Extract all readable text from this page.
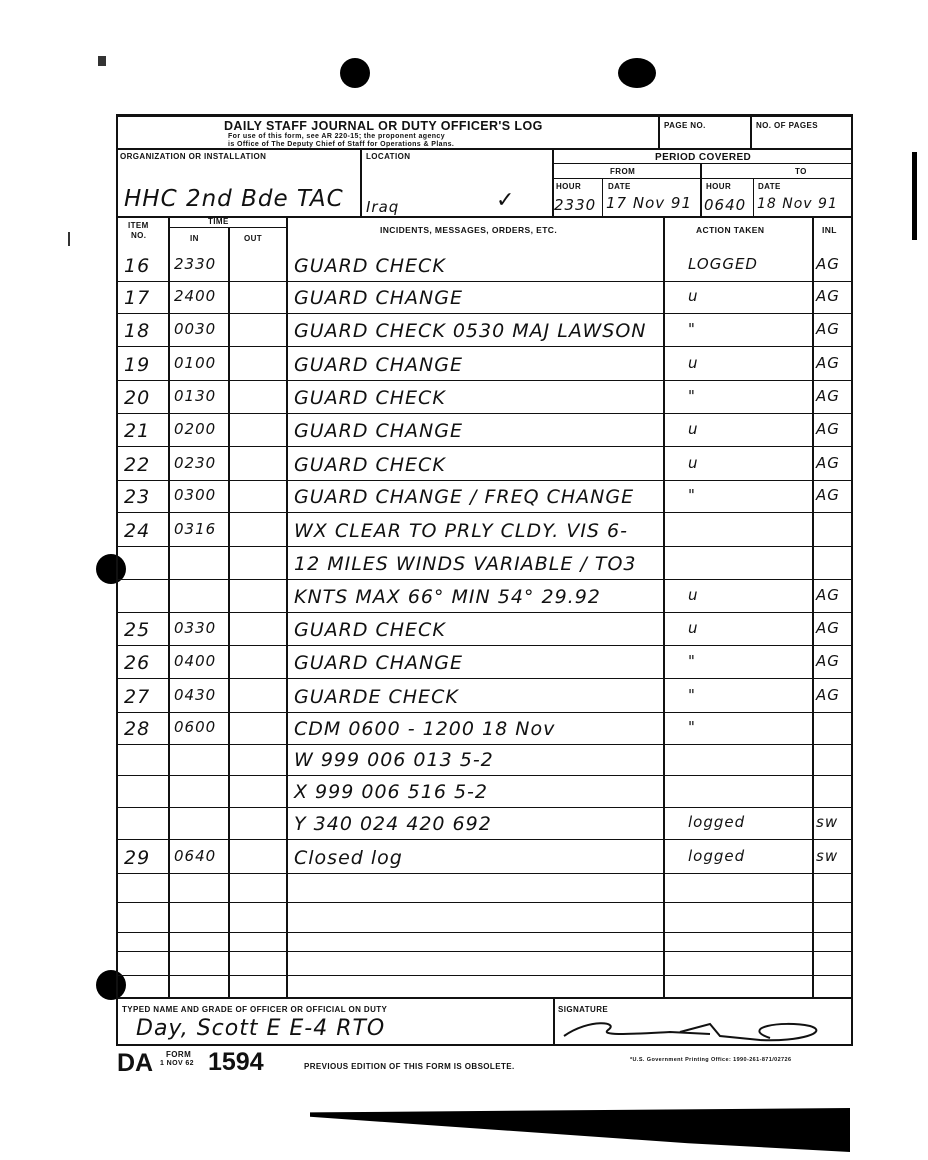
DAILY STAFF JOURNAL OR DUTY OFFICER'S LOG
For use of this form, see AR 220-15; the proponent agency
is Office of The Deputy Chief of Staff for Operations & Plans.
PAGE NO.	NO. OF PAGES
ORGANIZATION OR INSTALLATION	LOCATION	PERIOD COVERED
FROM	TO
HOUR	DATE	HOUR	DATE
HHC 2nd Bde TAC Iraq	✓	2330 17 Nov 91 0640 18 Nov 91
ITEM
NO.
TIME
IN	OUT
INCIDENTS, MESSAGES, ORDERS, ETC.	ACTION TAKEN	INL
16 2330	GUARD CHECK	LOGGED	AG
17 2400	GUARD CHANGE	u	AG
18 0030	GUARD CHECK 0530 MAJ LAWSON	"	AG
19 0100	GUARD CHANGE	u	AG
20 0130	GUARD CHECK	"	AG
21 0200	GUARD CHANGE	u	AG
22 0230	GUARD CHECK	u	AG
23 0300	GUARD CHANGE / FREQ CHANGE	"	AG
24 0316	WX CLEAR TO PRLY CLDY. VIS 6-
12 MILES WINDS VARIABLE / TO3
KNTS MAX 66° MIN 54° 29.92	u	AG
25 0330	GUARD CHECK	u	AG
26 0400	GUARD CHANGE	"	AG
27 0430	GUARDE CHECK	"	AG
28 0600	CDM 0600 - 1200 18 Nov	"
W 999 006 013 5-2
X 999 006 516 5-2
Y 340 024 420 692	logged	sw
29 0640	Closed log	logged	sw
TYPED NAME AND GRADE OF OFFICER OR OFFICIAL ON DUTY	SIGNATURE
Day, Scott E E-4 RTO
DA FORM
1 NOV 62 1594	PREVIOUS EDITION OF THIS FORM IS OBSOLETE.
*U.S. Government Printing Office: 1990-261-871/02726
